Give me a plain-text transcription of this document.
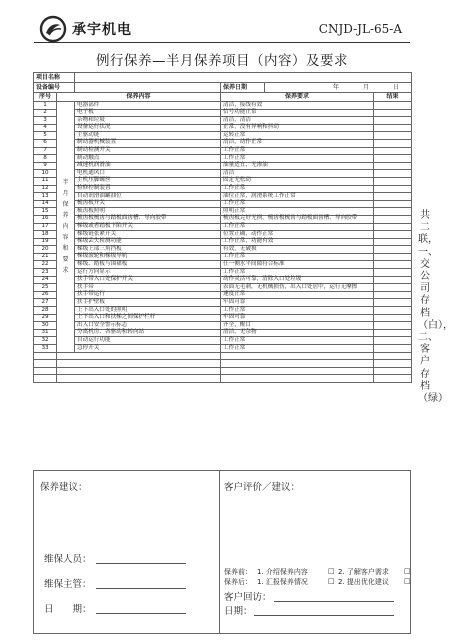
承宇机电	CNJD-JL-65-A
例行保养—半月保养项目（内容）及要求
项目名称					
设备编号			保养日期	年 月 日	
序号	保养内容		保养要求		结果
1	半月保养内容和要求	电器部件	清洁，接线有效		
2		电子板	信号功能正常		
3		杂物和垃圾	清洁，清洁		
4		设备运行状况	正常，没有异响和抖动		
5		主驱动链	运转正常		
6		制动器机械装置	清洁，动作正常		
7		制动检测开关	工作正常		
8		制动触点	工作正常		
9		减速机润滑油	油量适宜，无渗油		
10		电机通风口	清洁		
11		主机压脚螺丝	固定无松动		
12		检修控制装置	工作正常		
13		自动润滑油罐油位	油位正常，润滑系统工作正常		
14		梳齿板开关	工作正常		
15		梳齿板照明	照明正常		
16		梳齿板梳齿与踏板面齿槽、导向胶带	梳齿板完好无损，梳齿板梳齿与踏板面齿槽、导向胶带		
17		梯级或者踏板下陷开关	工作正常		
18		梯级链张紧开关	位置正确，动作正常		
19		梯级丢失检测功能	工作正常，功能有效		
20		梯级上部三角挡板	有效，无破损		
21		梯级滚轮和梯级导轨	工作正常		
22		梯级、踏板与围裙板	任一侧水平间隙符合标准		
23		运行方向显示	工作正常		
24		扶手带入口处保护开关	动作灵活可靠，清除入口处垃圾		
25		扶手带	表面无毛刺，无机械损伤，出入口处居中，运行无摩擦		
26		扶手带运行	速度正常		
27		扶手护壁板	牢固可靠		
28		上下出入口处的照明	工作正常		
29		上下出入口和扶梯之间保护栏杆	牢固可靠		
30		出入口安全警示标志	齐全，醒目		
31		分离机房、各驱动和转向站	清洁，无杂物		
32		自动运行功能	工作正常		
33		急停开关	工作正常		

共二联，一、交公司存档（白），二、客户存档（绿）
保养建议：	客户评价／建议：
维保人员：
维保主管：
日　　期：
保养前： 1. 介绍保养内容	□ 2. 了解客户需求 □
保养后： 1. 汇报保养情况	□ 2. 提出优化建议 □
客户回访：
日期：
